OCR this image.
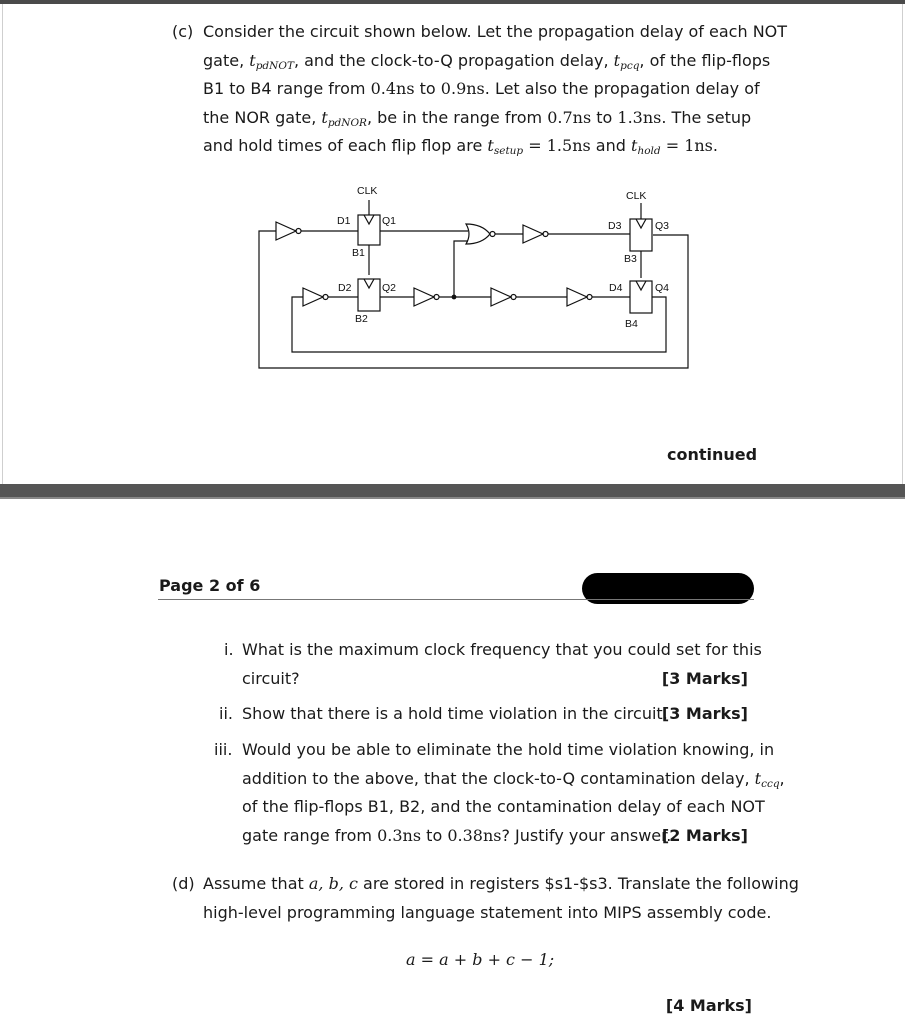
(c) Consider the circuit shown below. Let the propagation delay of each NOT
gate, $t_{pdNOT}$, and the clock-to-Q propagation delay, $t_{pcq}$, of the flip-flops
B1 to B4 range from 0.4ns to 0.9ns. Let also the propagation delay of
the NOR gate, $t_{pdNOR}$, be in the range from 0.7ns to 1.3ns. The setup
and hold times of each flip flop are $t_{setup} = 1.5ns$ and $t_{hold} = 1ns$.
CLK	CLK
D1	Q1
B1
D2	Q2
B2
D3	Q3
B3
D4	Q4
B4
continued
Page 2 of 6
i. What is the maximum clock frequency that you could set for this
circuit?	[3 Marks]
ii. Show that there is a hold time violation in the circuit.
[3 Marks]
iii. Would you be able to eliminate the hold time violation knowing, in
addition to the above, that the clock-to-Q contamination delay, $t_{ccq}$,
of the flip-flops B1, B2, and the contamination delay of each NOT
gate range from 0.3ns to 0.38ns? Justify your answer.
[2 Marks]
(d) Assume that a, b, c are stored in registers $s1-$s3. Translate the following
high-level programming language statement into MIPS assembly code.
a = a + b + c − 1;
[4 Marks]
